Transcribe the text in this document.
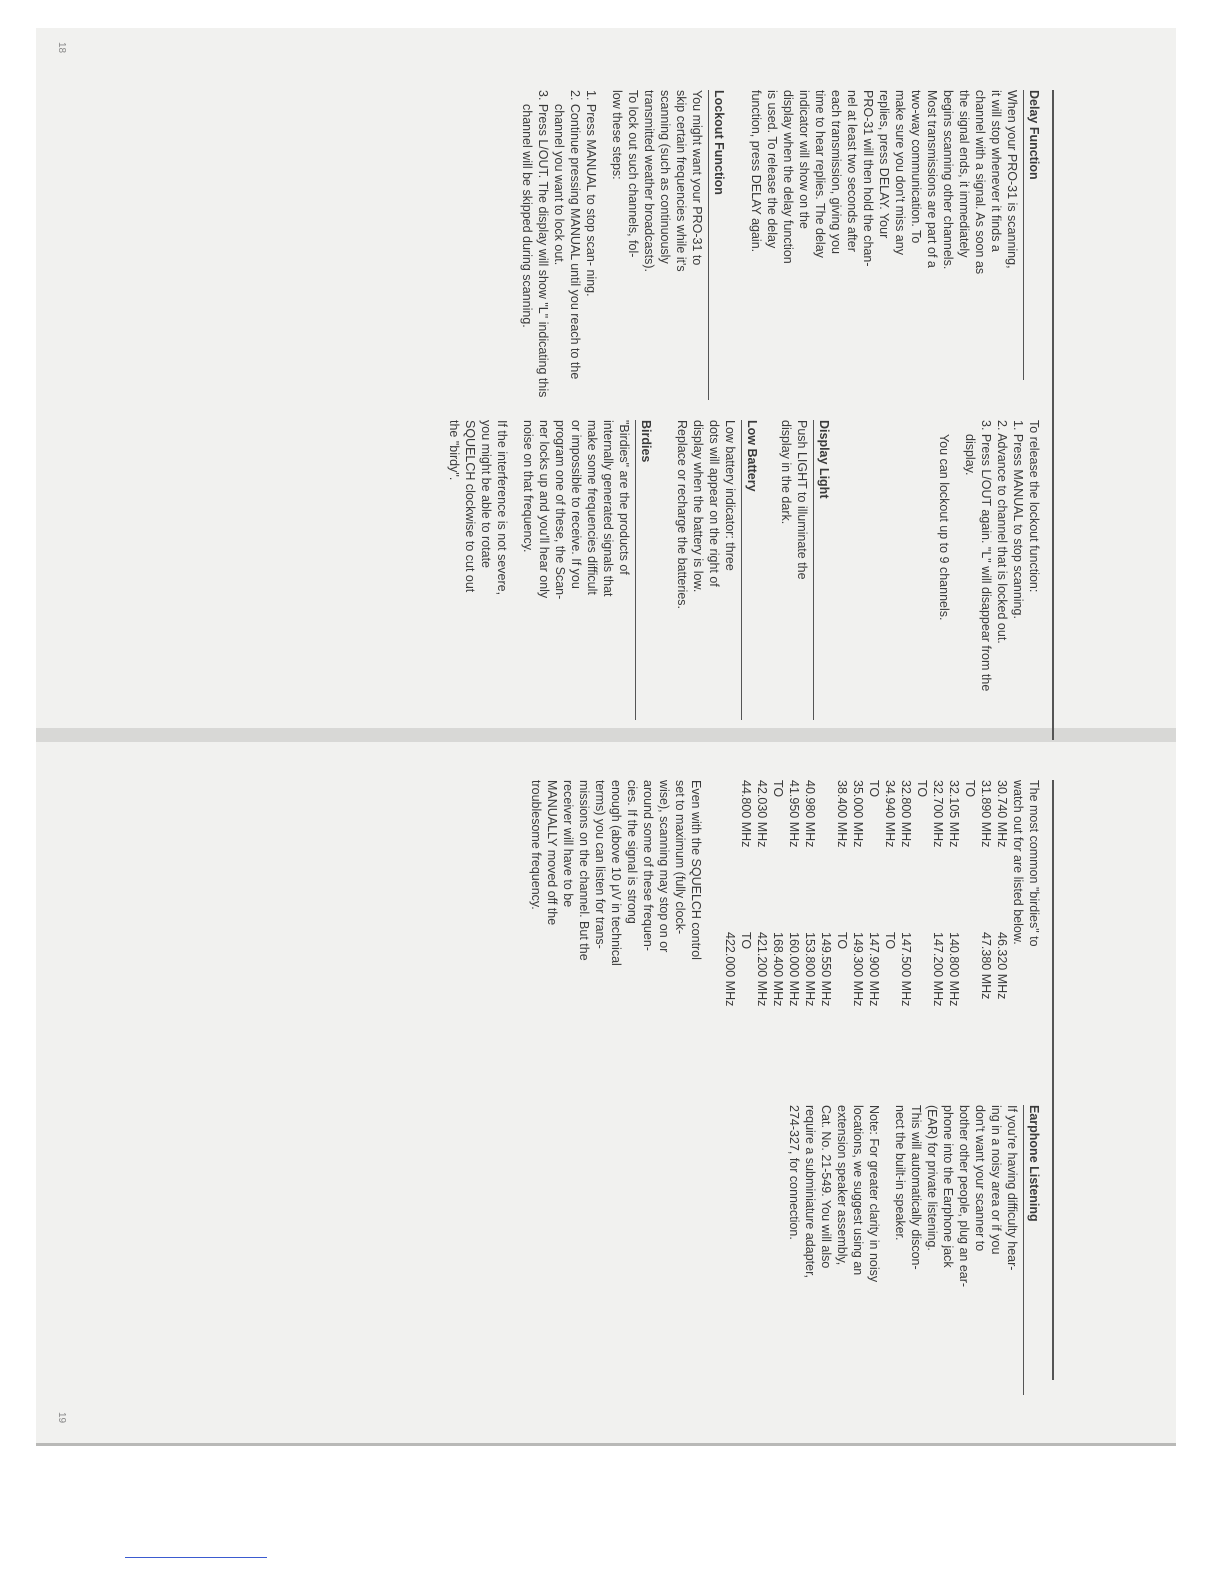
18
19
Delay Function
When your PRO-31 is scanning,
it will stop whenever it finds a
channel with a signal. As soon as
the signal ends, it immediately
begins scanning other channels.
Most transmissions are part of a
two-way communication. To
make sure you don't miss any
replies, press DELAY. Your
PRO-31 will then hold the chan-
nel at least two seconds after
each transmission, giving you
time to hear replies. The delay
indicator will show on the
display when the delay function
is used. To release the delay
function, press DELAY again.
Lockout Function
You might want your PRO-31 to
skip certain frequencies while it's
scanning (such as continuously
transmitted weather broadcasts).
To lock out such channels, fol-
low these steps:
1. Press MANUAL to stop scan- ning.
2. Continue pressing MANUAL until you reach to the channel you want to lock out.
3. Press L/OUT. The display will show "L" indicating this channel will be skipped during scanning.
To release the lockout function:
1. Press MANUAL to stop scanning.
2. Advance to channel that is locked out.
3. Press L/OUT again. "L" will disappear from the display.
You can lockout up to 9 channels.
Display Light
Push LIGHT to illuminate the
display in the dark.
Low Battery
Low battery indicator: three
dots will appear on the right of
display when the battery is low.
Replace or recharge the batteries.
Birdies
"Birdies" are the products of
internally generated signals that
make some frequencies difficult
or impossible to receive. If you
program one of these, the Scan-
ner locks up and you'll hear only
noise on that frequency.
If the interference is not severe,
you might be able to rotate
SQUELCH clockwise to cut out
the "birdy".
The most common "birdies" to
watch out for are listed below.
30.740 MHz
46.320 MHz
31.890 MHz
47.380 MHz
TO
32.105 MHz
140.800 MHz
32.700 MHz
147.200 MHz
TO
32.800 MHz
147.500 MHz
34.940 MHz
TO
TO
147.900 MHz
35.000 MHz
149.300 MHz
38.400 MHz
TO
149.550 MHz
40.980 MHz
153.800 MHz
41.950 MHz
160.000 MHz
TO
168.400 MHz
42.030 MHz
421.200 MHz
44.800 MHz
TO
422.000 MHz
Even with the SQUELCH control
set to maximum (fully clock-
wise), scanning may stop on or
around some of these frequen-
cies. If the signal is strong
enough (above 10 μV in technical
terms) you can listen for trans-
missions on the channel. But the
receiver will have to be
MANUALLY moved off the
troublesome frequency.
Earphone Listening
If you're having difficulty hear-
ing in a noisy area or if you
don't want your scanner to
bother other people, plug an ear-
phone into the Earphone jack
(EAR) for private listening.
This will automatically discon-
nect the built-in speaker.
Note: For greater clarity in noisy
locations, we suggest using an
extension speaker assembly,
Cat. No. 21-549. You will also
require a subminiature adapter,
274-327, for connection.
